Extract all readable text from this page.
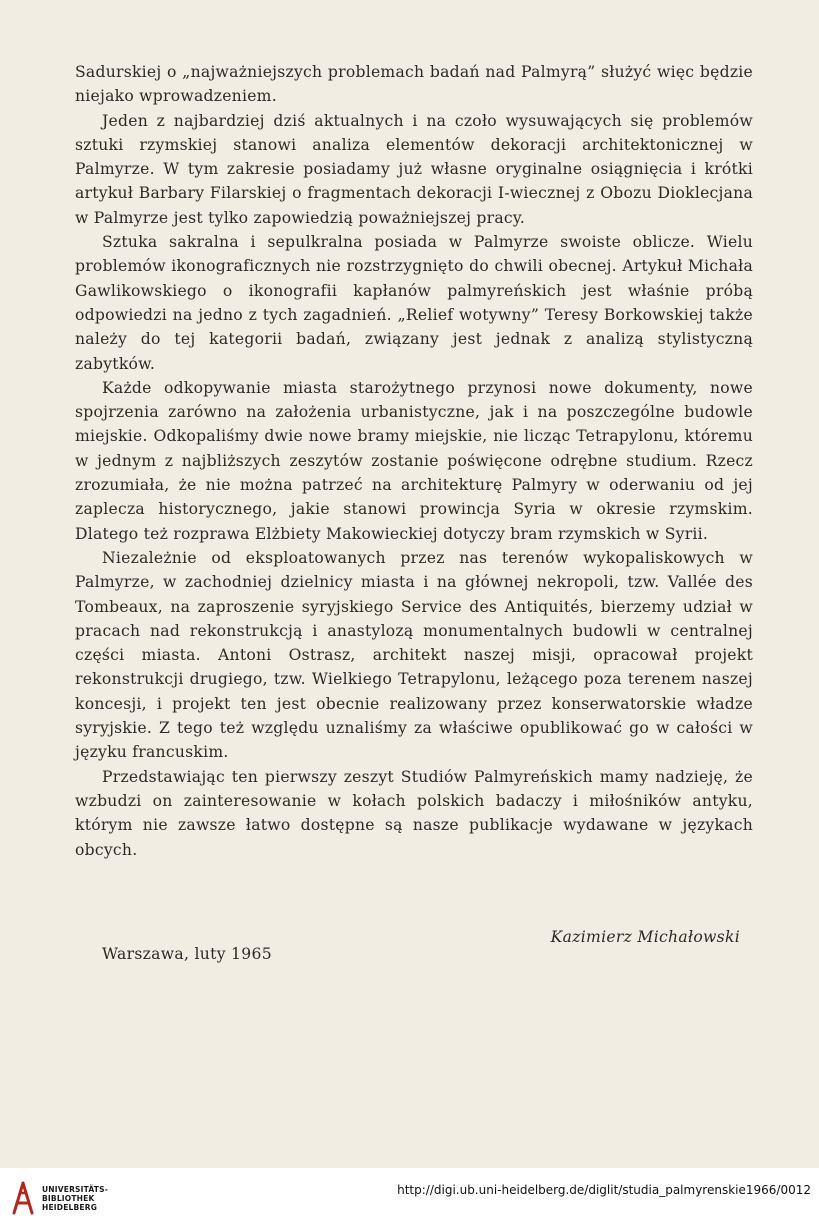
Sadurskiej o „najważniejszych problemach badań nad Palmyrą” służyć więc będzie niejako wprowadzeniem.

Jeden z najbardziej dziś aktualnych i na czoło wysuwających się problemów sztuki rzymskiej stanowi analiza elementów dekoracji architektonicznej w Palmyrze. W tym zakresie posiadamy już własne oryginalne osiągnięcia i krótki artykuł Barbary Filarskiej o fragmentach dekoracji I-wiecznej z Obozu Dioklecjana w Palmyrze jest tylko zapowiedzią poważniejszej pracy.

Sztuka sakralna i sepulkralna posiada w Palmyrze swoiste oblicze. Wielu problemów ikonograficznych nie rozstrzygnięto do chwili obecnej. Artykuł Michała Gawlikowskiego o ikonografii kapłanów palmyreńskich jest właśnie próbą odpowiedzi na jedno z tych zagadnień. „Relief wotywny” Teresy Borkowskiej także należy do tej kategorii badań, związany jest jednak z analizą stylistyczną zabytków.

Każde odkopywanie miasta starożytnego przynosi nowe dokumenty, nowe spojrzenia zarówno na założenia urbanistyczne, jak i na poszczególne budowle miejskie. Odkopaliśmy dwie nowe bramy miejskie, nie licząc Tetrapylonu, któremu w jednym z najbliższych zeszytów zostanie poświęcone odrębne studium. Rzecz zrozumiała, że nie można patrzeć na architekturę Palmyry w oderwaniu od jej zaplecza historycznego, jakie stanowi prowincja Syria w okresie rzymskim. Dlatego też rozprawa Elżbiety Makowieckiej dotyczy bram rzymskich w Syrii.

Niezależnie od eksploatowanych przez nas terenów wykopaliskowych w Palmyrze, w zachodniej dzielnicy miasta i na głównej nekropoli, tzw. Vallée des Tombeaux, na zaproszenie syryjskiego Service des Antiquités, bierzemy udział w pracach nad rekonstrukcją i anastylozą monumentalnych budowli w centralnej części miasta. Antoni Ostrasz, architekt naszej misji, opracował projekt rekonstrukcji drugiego, tzw. Wielkiego Tetrapylonu, leżącego poza terenem naszej koncesji, i projekt ten jest obecnie realizowany przez konserwatorskie władze syryjskie. Z tego też względu uznaliśmy za właściwe opublikować go w całości w języku francuskim.

Przedstawiając ten pierwszy zeszyt Studiów Palmyreńskich mamy nadzieję, że wzbudzi on zainteresowanie w kołach polskich badaczy i miłośników antyku, którym nie zawsze łatwo dostępne są nasze publikacje wydawane w językach obcych.

Kazimierz Michałowski
Warszawa, luty 1965
UNIVERSITÄTS-
BIBLIOTHEK
HEIDELBERG
http://digi.ub.uni-heidelberg.de/diglit/studia_palmyrenskie1966/0012
